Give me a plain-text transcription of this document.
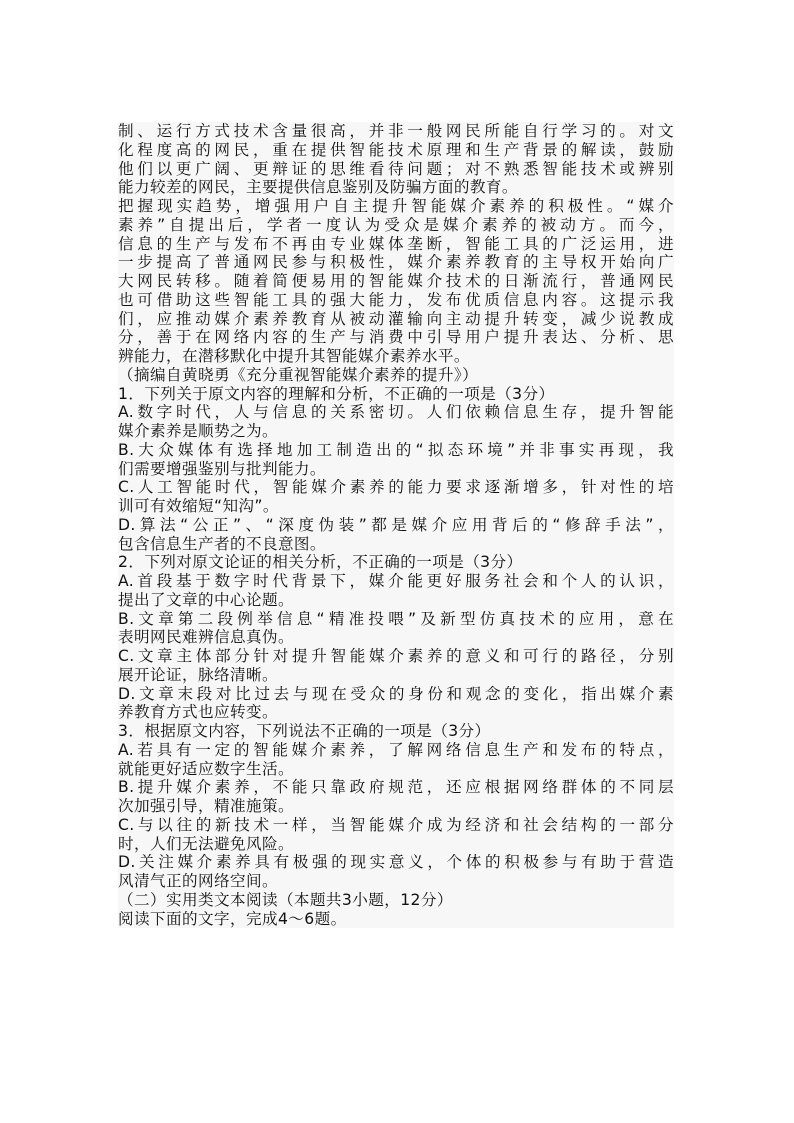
制、运行方式技术含量很高，并非一般网民所能自行学习的。对文
化程度高的网民，重在提供智能技术原理和生产背景的解读，鼓励
他们以更广阔、更辩证的思维看待问题；对不熟悉智能技术或辨别
能力较差的网民，主要提供信息鉴别及防骗方面的教育。
把握现实趋势，增强用户自主提升智能媒介素养的积极性。“媒介
素养”自提出后，学者一度认为受众是媒介素养的被动方。而今，
信息的生产与发布不再由专业媒体垄断，智能工具的广泛运用，进
一步提高了普通网民参与积极性，媒介素养教育的主导权开始向广
大网民转移。随着简便易用的智能媒介技术的日渐流行，普通网民
也可借助这些智能工具的强大能力，发布优质信息内容。这提示我
们，应推动媒介素养教育从被动灌输向主动提升转变，减少说教成
分，善于在网络内容的生产与消费中引导用户提升表达、分析、思
辨能力，在潜移默化中提升其智能媒介素养水平。
（摘编自黄晓勇《充分重视智能媒介素养的提升》）
1．下列关于原文内容的理解和分析，不正确的一项是（3分）
A.数字时代，人与信息的关系密切。人们依赖信息生存，提升智能
媒介素养是顺势之为。
B.大众媒体有选择地加工制造出的“拟态环境”并非事实再现，我
们需要增强鉴别与批判能力。
C.人工智能时代，智能媒介素养的能力要求逐渐增多，针对性的培
训可有效缩短“知沟”。
D.算法“公正”、“深度伪装”都是媒介应用背后的“修辞手法”，
包含信息生产者的不良意图。
2．下列对原文论证的相关分析，不正确的一项是（3分）
A.首段基于数字时代背景下，媒介能更好服务社会和个人的认识，
提出了文章的中心论题。
B.文章第二段例举信息“精准投喂”及新型仿真技术的应用，意在
表明网民难辨信息真伪。
C.文章主体部分针对提升智能媒介素养的意义和可行的路径，分别
展开论证，脉络清晰。
D.文章末段对比过去与现在受众的身份和观念的变化，指出媒介素
养教育方式也应转变。
3．根据原文内容，下列说法不正确的一项是（3分）
A.若具有一定的智能媒介素养，了解网络信息生产和发布的特点，
就能更好适应数字生活。
B.提升媒介素养，不能只靠政府规范，还应根据网络群体的不同层
次加强引导，精准施策。
C.与以往的新技术一样，当智能媒介成为经济和社会结构的一部分
时，人们无法避免风险。
D.关注媒介素养具有极强的现实意义，个体的积极参与有助于营造
风清气正的网络空间。
（二）实用类文本阅读（本题共3小题，12分）
阅读下面的文字，完成4～6题。
